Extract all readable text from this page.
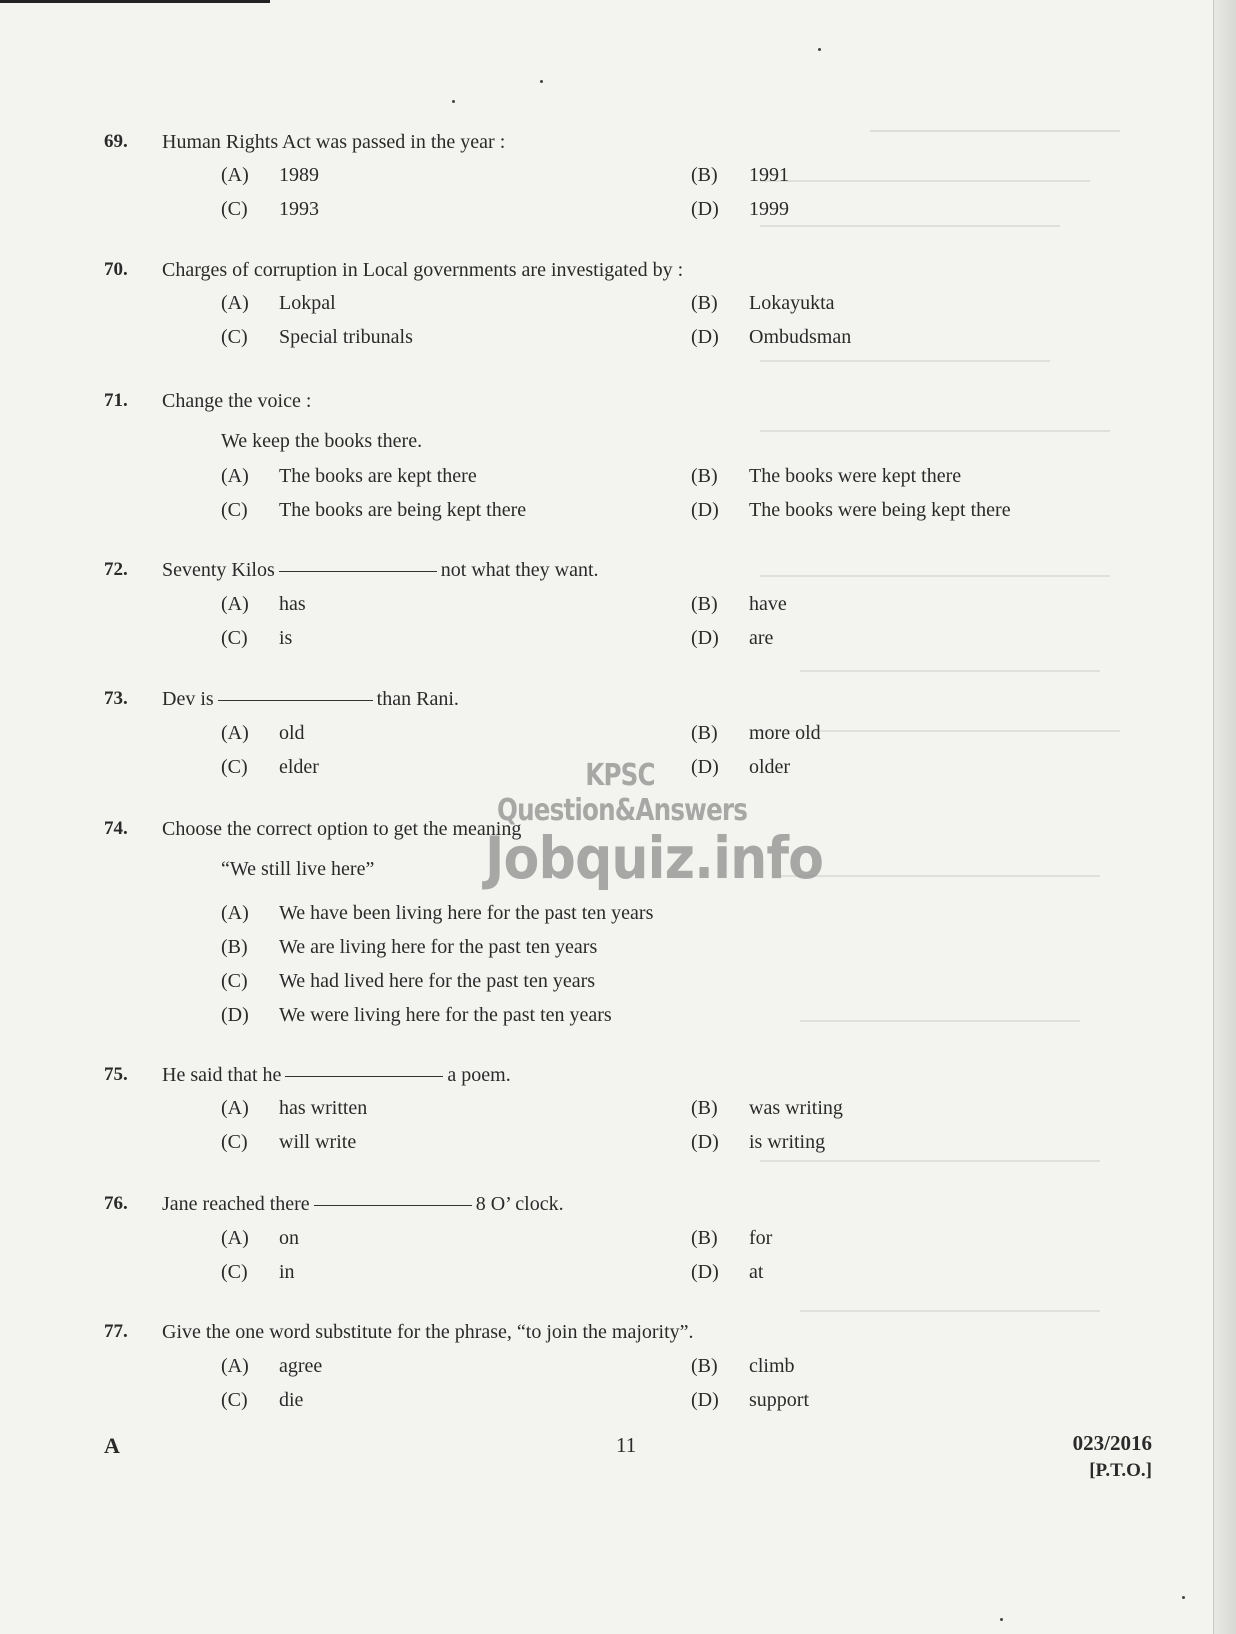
69. Human Rights Act was passed in the year :
(A) 1989	(B) 1991
(C) 1993	(D) 1999
70. Charges of corruption in Local governments are investigated by :
(A) Lokpal	(B) Lokayukta
(C) Special tribunals	(D) Ombudsman
71. Change the voice :
We keep the books there.
(A) The books are kept there	(B) The books were kept there
(C) The books are being kept there	(D) The books were being kept there
72. Seventy Kilos	not what they want.
(A) has	(B) have
(C) is	(D) are
73. Dev is	than Rani.
(A) old	(B) more old
(C) elder	(D) older
74. Choose the correct option to get the meaning
“We still live here”
(A) We have been living here for the past ten years
(B) We are living here for the past ten years
(C) We had lived here for the past ten years
(D) We were living here for the past ten years
75. He said that he	a poem.
(A) has written	(B) was writing
(C) will write	(D) is writing
76. Jane reached there	8 O’ clock.
(A) on	(B) for
(C) in	(D) at
77. Give the one word substitute for the phrase, “to join the majority”.
(A) agree	(B) climb
(C) die	(D) support
KPSC Question&Answers
Jobquiz.info
A	11	023/2016
[P.T.O.]
